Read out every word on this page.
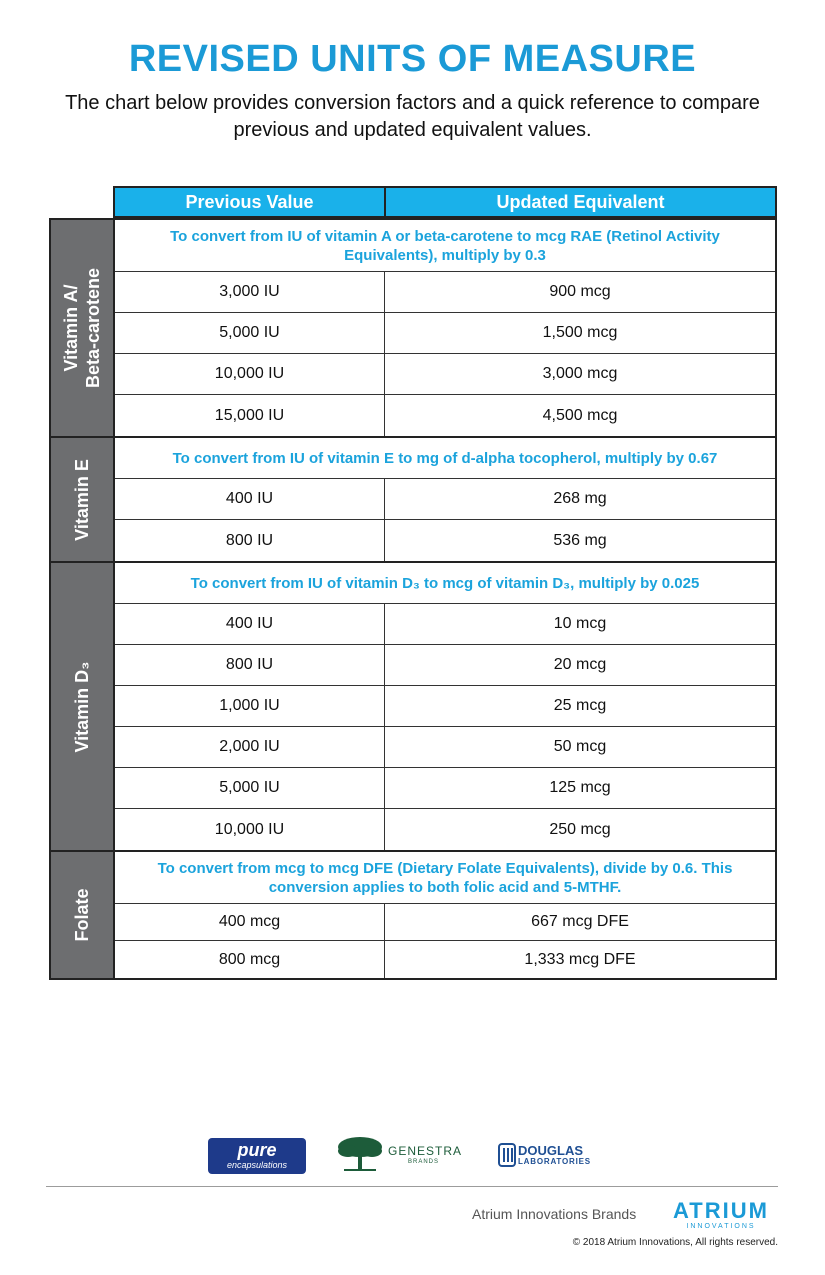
REVISED UNITS OF MEASURE
The chart below provides conversion factors and a quick reference to compare previous and updated equivalent values.
Previous Value	Updated Equivalent
Vitamin A/
Beta-carotene
To convert from IU of vitamin A or beta-carotene to mcg RAE (Retinol Activity Equivalents), multiply by 0.3
3,000 IU	900 mcg
5,000 IU	1,500 mcg
10,000 IU	3,000 mcg
15,000 IU	4,500 mcg
Vitamin E
To convert from IU of vitamin E to mg of d-alpha tocopherol, multiply by 0.67
400 IU	268 mg
800 IU	536 mg
Vitamin D₃
To convert from IU of vitamin D₃ to mcg of vitamin D₃, multiply by 0.025
400 IU	10 mcg
800 IU	20 mcg
1,000 IU	25 mcg
2,000 IU	50 mcg
5,000 IU	125 mcg
10,000 IU	250 mcg
Folate
To convert from mcg to mcg DFE (Dietary Folate Equivalents), divide by 0.6. This conversion applies to both folic acid and 5-MTHF.
400 mcg	667 mcg DFE
800 mcg	1,333 mcg DFE
pure
encapsulations
GENESTRA
BRANDS
DOUGLAS
LABORATORIES
Atrium Innovations Brands	ATRIUM
INNOVATIONS
© 2018 Atrium Innovations, All rights reserved.
